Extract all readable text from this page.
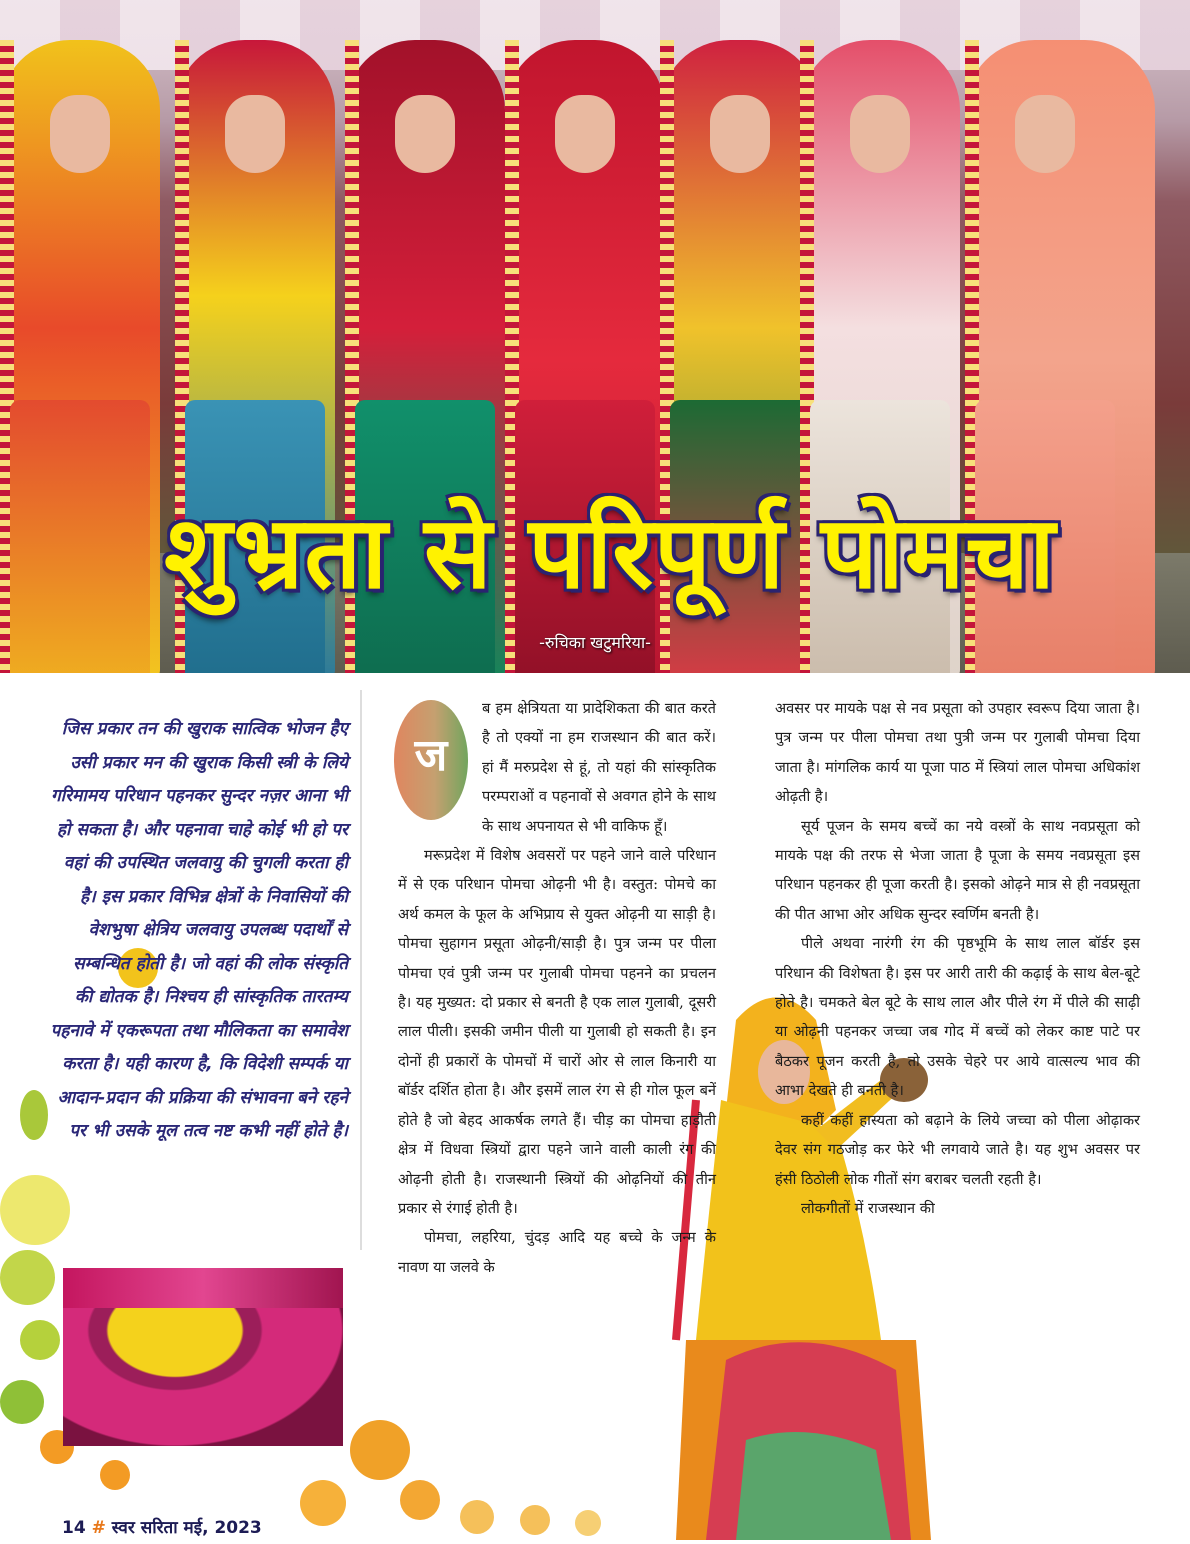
शुभ्रता से परिपूर्ण पोमचा
-रुचिका खटुमरिया-
जिस प्रकार तन की खुराक सात्विक भोजन हैए उसी प्रकार मन की खुराक किसी स्त्री के लिये गरिमामय परिधान पहनकर सुन्दर नज़र आना भी हो सकता है। और पहनावा चाहे कोई भी हो पर वहां की उपस्थित जलवायु की चुगली करता ही है। इस प्रकार विभिन्न क्षेत्रों के निवासियों की वेशभुषा क्षेत्रिय जलवायु उपलब्ध पदार्थों से सम्बन्धित होती है। जो वहां की लोक संस्कृति की द्योतक है। निश्चय ही सांस्कृतिक तारतम्य पहनावे में एकरूपता तथा मौलिकता का समावेश करता है। यही कारण है, कि विदेशी सम्पर्क या आदान-प्रदान की प्रक्रिया की संभावना बने रहने पर भी उसके मूल तत्व नष्ट कभी नहीं होते है।

ज
ब हम क्षेत्रियता या प्रादेशिकता की बात करते है तो एक्यों ना हम राजस्थान की बात करें। हां मैं मरुप्रदेश से हूं, तो यहां की सांस्कृतिक परम्पराओं व पहनावों से अवगत होने के साथ के साथ अपनायत से भी वाकिफ हूँ।

मरूप्रदेश में विशेष अवसरों पर पहने जाने वाले परिधान में से एक परिधान पोमचा ओढ़नी भी है। वस्तुत: पोमचे का अर्थ कमल के फूल के अभिप्राय से युक्त ओढ़नी या साड़ी है। पोमचा सुहागन प्रसूता ओढ़नी/साड़ी है। पुत्र जन्म पर पीला पोमचा एवं पुत्री जन्म पर गुलाबी पोमचा पहनने का प्रचलन है। यह मुख्यत: दो प्रकार से बनती है एक लाल गुलाबी, दूसरी लाल पीली। इसकी जमीन पीली या गुलाबी हो सकती है। इन दोनों ही प्रकारों के पोमचों में चारों ओर से लाल किनारी या बॉर्डर दर्शित होता है। और इसमें लाल रंग से ही गोल फूल बनें होते है जो बेहद आकर्षक लगते हैं। चीड़ का पोमचा हाड़ौती क्षेत्र में विधवा स्त्रियों द्वारा पहने जाने वाली काली रंग की ओढ़नी होती है। राजस्थानी स्त्रियों की ओढ़नियों की तीन प्रकार से रंगाई होती है।

पोमचा, लहरिया, चुंदड़ आदि यह बच्चे के जन्म के नावण या जलवे के

अवसर पर मायके पक्ष से नव प्रसूता को उपहार स्वरूप दिया जाता है। पुत्र जन्म पर पीला पोमचा तथा पुत्री जन्म पर गुलाबी पोमचा दिया जाता है। मांगलिक कार्य या पूजा पाठ में स्त्रियां लाल पोमचा अधिकांश ओढ़ती है।

सूर्य पूजन के समय बच्चें का नये वस्त्रों के साथ नवप्रसूता को मायके पक्ष की तरफ से भेजा जाता है पूजा के समय नवप्रसूता इस परिधान पहनकर ही पूजा करती है। इसको ओढ़ने मात्र से ही नवप्रसूता की पीत आभा ओर अधिक सुन्दर स्वर्णिम बनती है।

पीले अथवा नारंगी रंग की पृष्ठभूमि के साथ लाल बॉर्डर इस परिधान की विशेषता है। इस पर आरी तारी की कढ़ाई के साथ बेल-बूटे होते है। चमकते बेल बूटे के साथ लाल और पीले रंग में पीले की साढ़ी या ओढ़नी पहनकर जच्चा जब गोद में बच्चें को लेकर काष्ट पाटे पर बैठकर पूजन करती है, तो उसके चेहरे पर आये वात्सल्य भाव की आभा देखते ही बनती है।

कहीं कहीं हास्यता को बढ़ाने के लिये जच्चा को पीला ओढ़ाकर देवर संग गठजोड़ कर फेरे भी लगवाये जाते है। यह शुभ अवसर पर हंसी ठिठोली लोक गीतों संग बराबर चलती रहती है।

लोकगीतों में राजस्थान की

14 # स्वर सरिता मई, 2023
